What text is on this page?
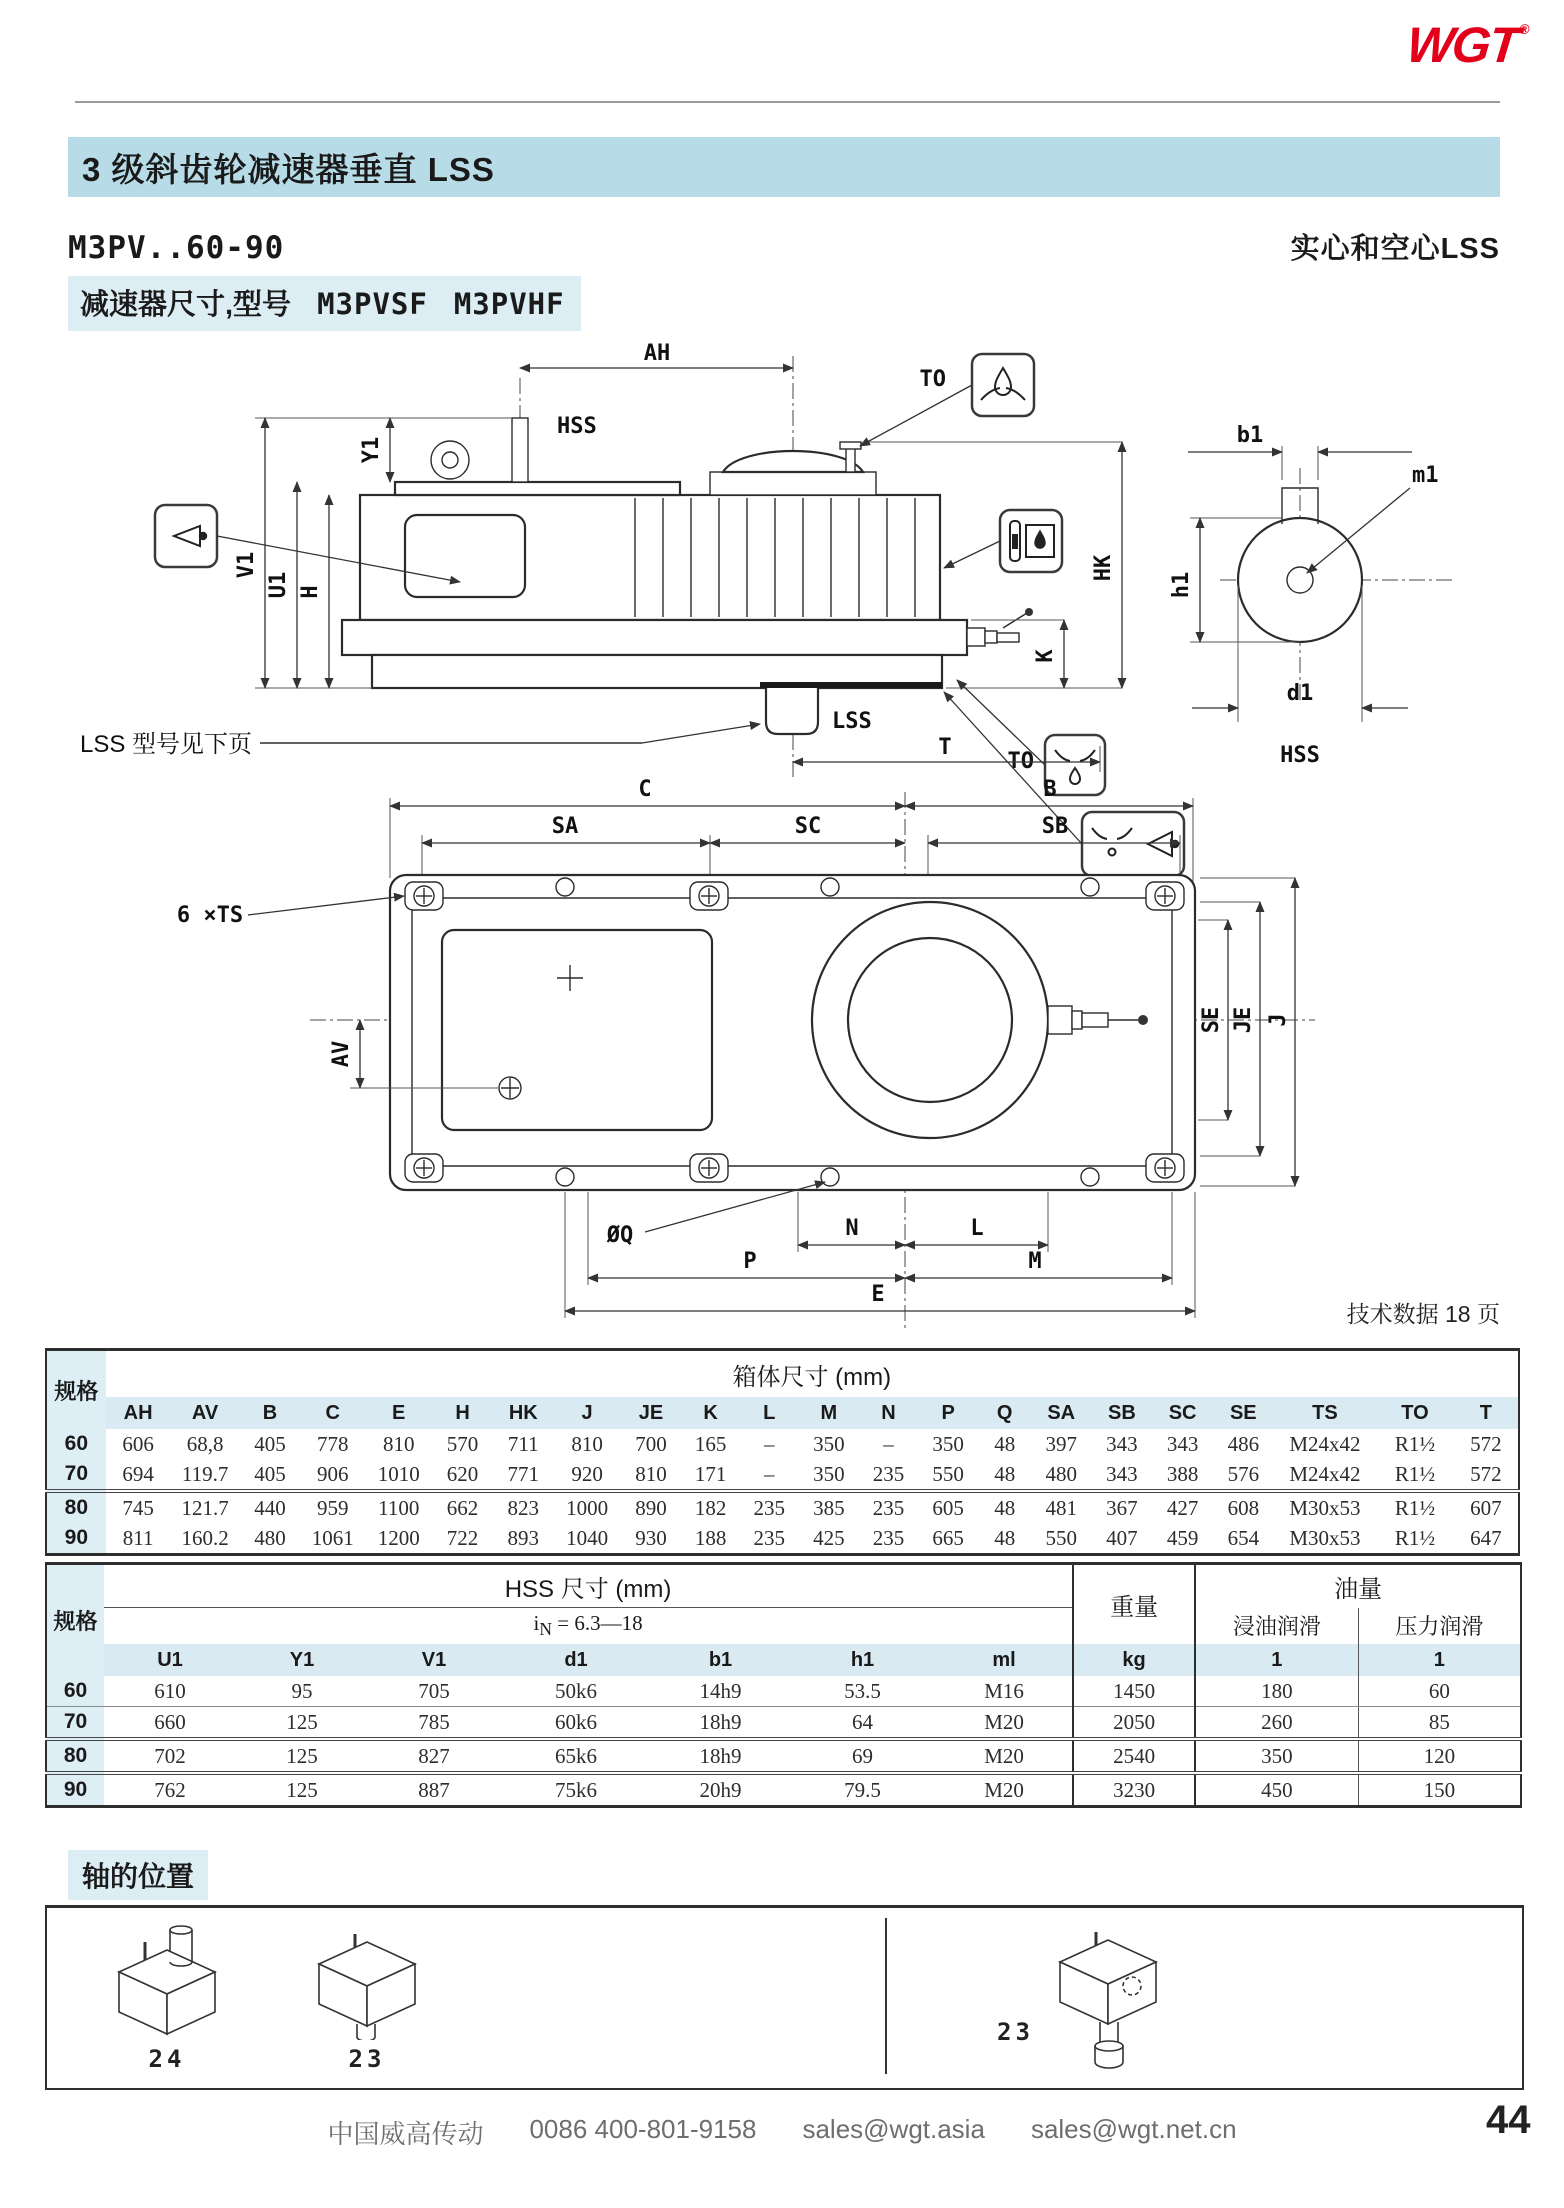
WGT®
3 级斜齿轮减速器垂直 LSS
M3PV..60-90	实心和空心LSS
减速器尺寸,型号 M3PVSF M3PVHF
AH
HSS
V1
U1 H
Y1
HK
K
TO
TO
LSS
T
LSS 型号见下页
b1
h1
m1
d1
HSS
C	B
SA	SC	SB
6 ×TS
AV
SE JE J
ØQ	N	L
P	M
E
技术数据 18 页
规格	箱体尺寸 (mm)																					
	AH	AV	B	C	E	H	HK	J	JE	K	L	M	N	P	Q	SA	SB	SC	SE	TS	TO	T
60	606	68,8	405	778	810	570	711	810	700	165	–	350	–	350	48	397	343	343	486	M24x42	R1½	572
70	694	119.7	405	906	1010	620	771	920	810	171	–	350	235	550	48	480	343	388	576	M24x42	R1½	572
80	745	121.7	440	959	1100	662	823	1000	890	182	235	385	235	605	48	481	367	427	608	M30x53	R1½	607
90	811	160.2	480	1061	1200	722	893	1040	930	188	235	425	235	665	48	550	407	459	654	M30x53	R1½	647
规格	HSS 尺寸 (mm)							重量	油量	
	$i_N$ = 6.3—18								浸油润滑	压力润滑
	U1	Y1	V1	d1	b1	h1	ml	kg	1	1
60	610	95	705	50k6	14h9	53.5	M16	1450	180	60
70	660	125	785	60k6	18h9	64	M20	2050	260	85
80	702	125	827	65k6	18h9	69	M20	2540	350	120
90	762	125	887	75k6	20h9	79.5	M20	3230	450	150
轴的位置
24	23
23
中国威高传动 0086 400-801-9158 sales@wgt.asia sales@wgt.net.cn	44
